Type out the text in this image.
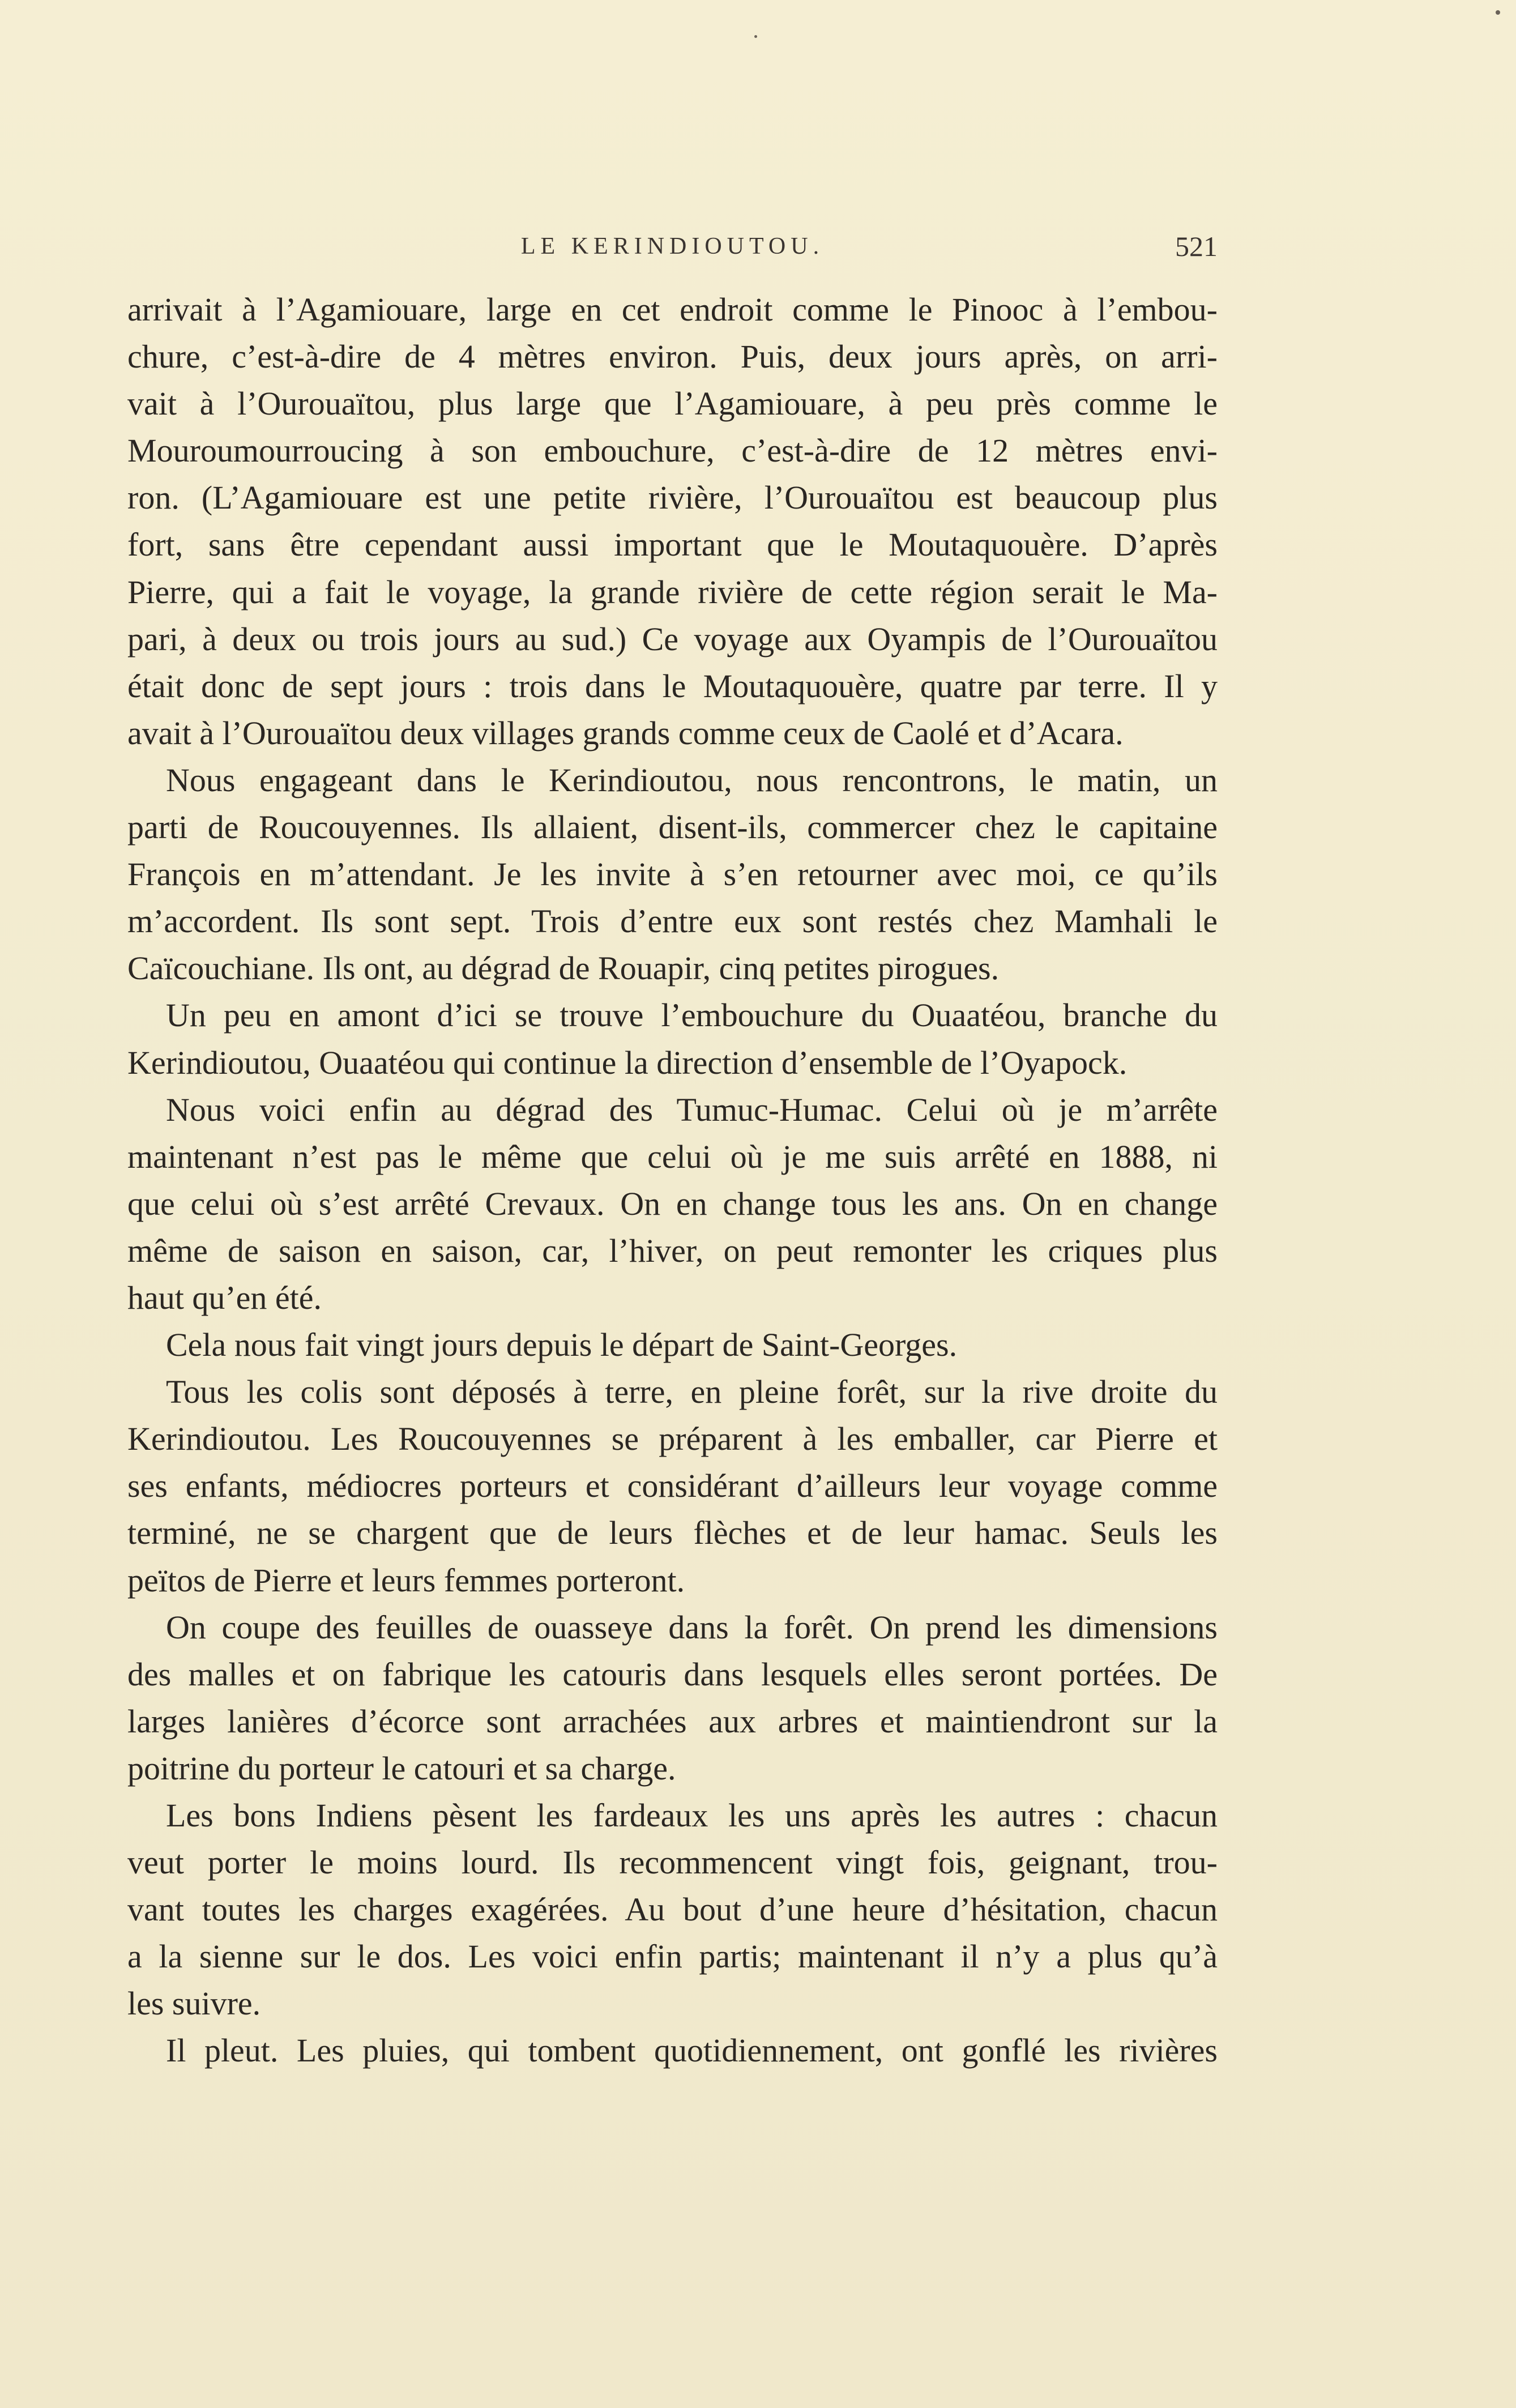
LE KERINDIOUTOU.	521
arrivait à l’Agamiouare, large en cet endroit comme le Pinooc à l’embou-
chure, c’est-à-dire de 4 mètres environ. Puis, deux jours après, on arri-
vait à l’Ourouaïtou, plus large que l’Agamiouare, à peu près comme le
Mouroumourroucing à son embouchure, c’est-à-dire de 12 mètres envi-
ron. (L’Agamiouare est une petite rivière, l’Ourouaïtou est beaucoup plus
fort, sans être cependant aussi important que le Moutaquouère. D’après
Pierre, qui a fait le voyage, la grande rivière de cette région serait le Ma-
pari, à deux ou trois jours au sud.) Ce voyage aux Oyampis de l’Ourouaïtou
était donc de sept jours : trois dans le Moutaquouère, quatre par terre. Il y
avait à l’Ourouaïtou deux villages grands comme ceux de Caolé et d’Acara.
Nous engageant dans le Kerindioutou, nous rencontrons, le matin, un
parti de Roucouyennes. Ils allaient, disent-ils, commercer chez le capitaine
François en m’attendant. Je les invite à s’en retourner avec moi, ce qu’ils
m’accordent. Ils sont sept. Trois d’entre eux sont restés chez Mamhali le
Caïcouchiane. Ils ont, au dégrad de Rouapir, cinq petites pirogues.
Un peu en amont d’ici se trouve l’embouchure du Ouaatéou, branche du
Kerindioutou, Ouaatéou qui continue la direction d’ensemble de l’Oyapock.
Nous voici enfin au dégrad des Tumuc-Humac. Celui où je m’arrête
maintenant n’est pas le même que celui où je me suis arrêté en 1888, ni
que celui où s’est arrêté Crevaux. On en change tous les ans. On en change
même de saison en saison, car, l’hiver, on peut remonter les criques plus
haut qu’en été.
Cela nous fait vingt jours depuis le départ de Saint-Georges.
Tous les colis sont déposés à terre, en pleine forêt, sur la rive droite du
Kerindioutou. Les Roucouyennes se préparent à les emballer, car Pierre et
ses enfants, médiocres porteurs et considérant d’ailleurs leur voyage comme
terminé, ne se chargent que de leurs flèches et de leur hamac. Seuls les
peïtos de Pierre et leurs femmes porteront.
On coupe des feuilles de ouasseye dans la forêt. On prend les dimensions
des malles et on fabrique les catouris dans lesquels elles seront portées. De
larges lanières d’écorce sont arrachées aux arbres et maintiendront sur la
poitrine du porteur le catouri et sa charge.
Les bons Indiens pèsent les fardeaux les uns après les autres : chacun
veut porter le moins lourd. Ils recommencent vingt fois, geignant, trou-
vant toutes les charges exagérées. Au bout d’une heure d’hésitation, chacun
a la sienne sur le dos. Les voici enfin partis; maintenant il n’y a plus qu’à
les suivre.
Il pleut. Les pluies, qui tombent quotidiennement, ont gonflé les rivières
